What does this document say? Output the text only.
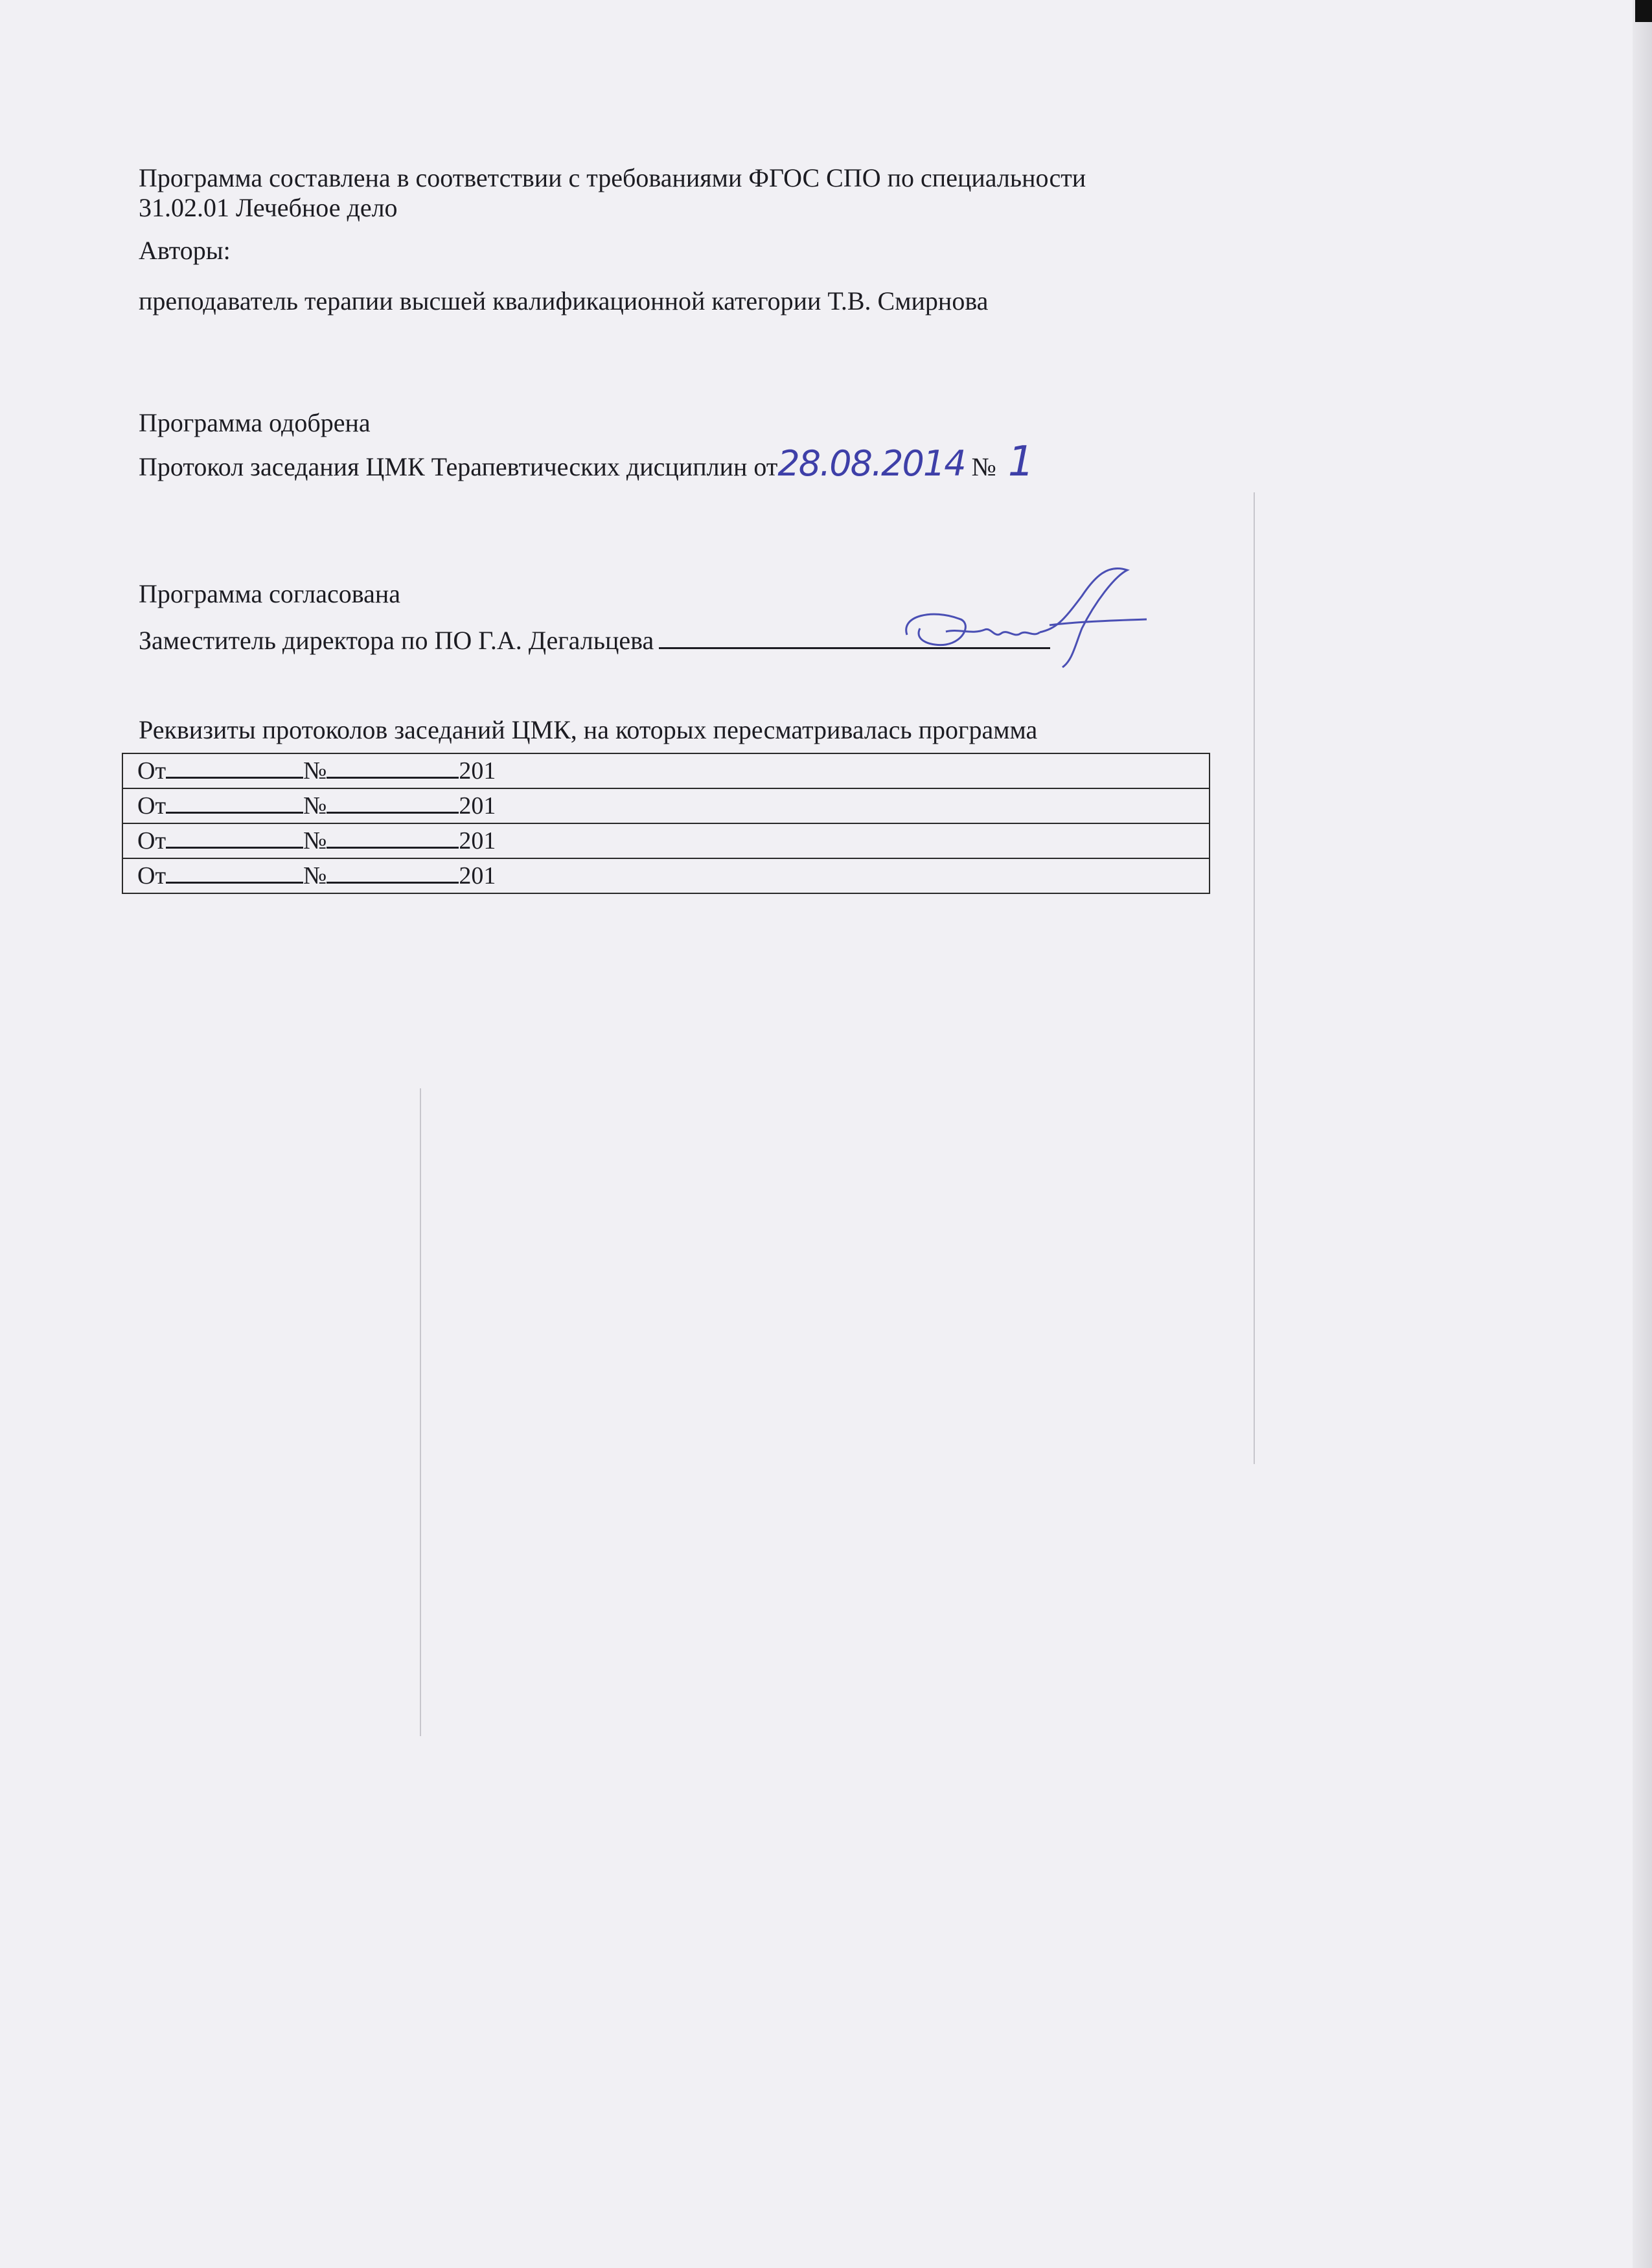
Программа составлена в соответствии с требованиями ФГОС СПО по специальности
31.02.01 Лечебное дело
Авторы:
преподаватель терапии высшей квалификационной категории Т.В. Смирнова
Программа одобрена
Протокол заседания ЦМК Терапевтических дисциплин от28.08.2014 № 1
Программа согласована
Заместитель директора по ПО Г.А. Дегальцева
Реквизиты протоколов заседаний ЦМК, на которых пересматривалась программа
От	№	201
От	№	201
От	№	201
От	№	201
